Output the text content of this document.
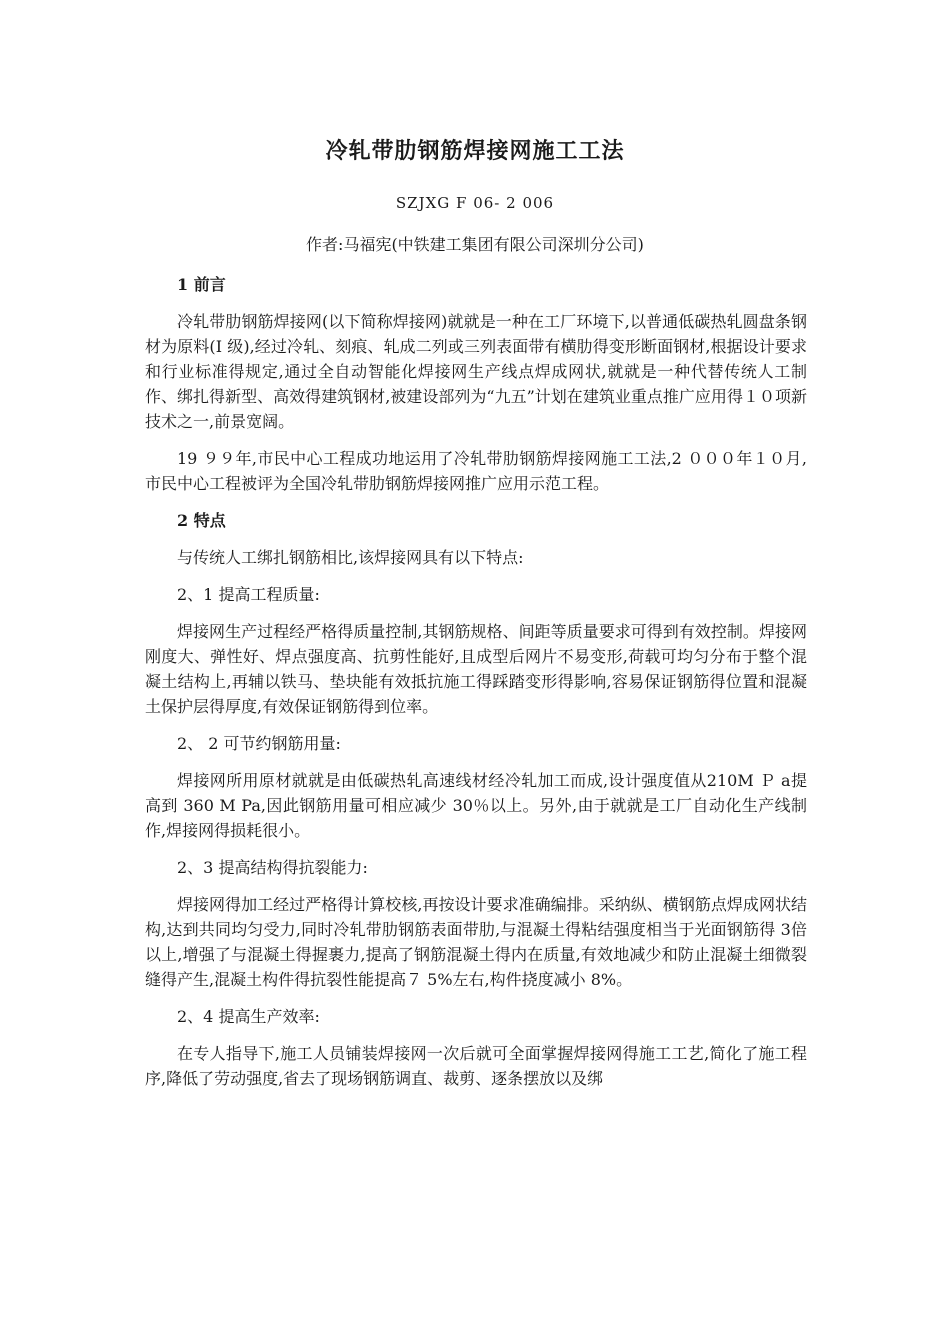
冷轧带肋钢筋焊接网施工工法
SZJXG F 06- 2 006
作者:马福宪(中铁建工集团有限公司深圳分公司)
1 前言

冷轧带肋钢筋焊接网(以下简称焊接网)就就是一种在工厂环境下,以普通低碳热轧圆盘条钢材为原料(Ⅰ 级),经过冷轧、刻痕、轧成二列或三列表面带有横肋得变形断面钢材,根据设计要求和行业标准得规定,通过全自动智能化焊接网生产线点焊成网状,就就是一种代替传统人工制作、绑扎得新型、高效得建筑钢材,被建设部列为“九五”计划在建筑业重点推广应用得１０项新技术之一,前景宽阔。

19 ９９年,市民中心工程成功地运用了冷轧带肋钢筋焊接网施工工法,2 ０００年１０月,市民中心工程被评为全国冷轧带肋钢筋焊接网推广应用示范工程。

2 特点

与传统人工绑扎钢筋相比,该焊接网具有以下特点:

2、1 提高工程质量:

焊接网生产过程经严格得质量控制,其钢筋规格、间距等质量要求可得到有效控制。焊接网刚度大、弹性好、焊点强度高、抗剪性能好,且成型后网片不易变形,荷载可均匀分布于整个混凝土结构上,再辅以铁马、垫块能有效抵抗施工得踩踏变形得影响,容易保证钢筋得位置和混凝土保护层得厚度,有效保证钢筋得到位率。

2、 2 可节约钢筋用量:

焊接网所用原材就就是由低碳热轧高速线材经冷轧加工而成,设计强度值从210M Ｐ a提高到 360 M Pa,因此钢筋用量可相应减少 30％以上。另外,由于就就是工厂自动化生产线制作,焊接网得损耗很小。

2、3 提高结构得抗裂能力:

焊接网得加工经过严格得计算校核,再按设计要求准确编排。采纳纵、横钢筋点焊成网状结构,达到共同均匀受力,同时冷轧带肋钢筋表面带肋,与混凝土得粘结强度相当于光面钢筋得 3倍以上,增强了与混凝土得握裹力,提高了钢筋混凝土得内在质量,有效地减少和防止混凝土细微裂缝得产生,混凝土构件得抗裂性能提高７ 5%左右,构件挠度减小 8%。

2、4 提高生产效率:

在专人指导下,施工人员铺装焊接网一次后就可全面掌握焊接网得施工工艺,简化了施工程序,降低了劳动强度,省去了现场钢筋调直、裁剪、逐条摆放以及绑
